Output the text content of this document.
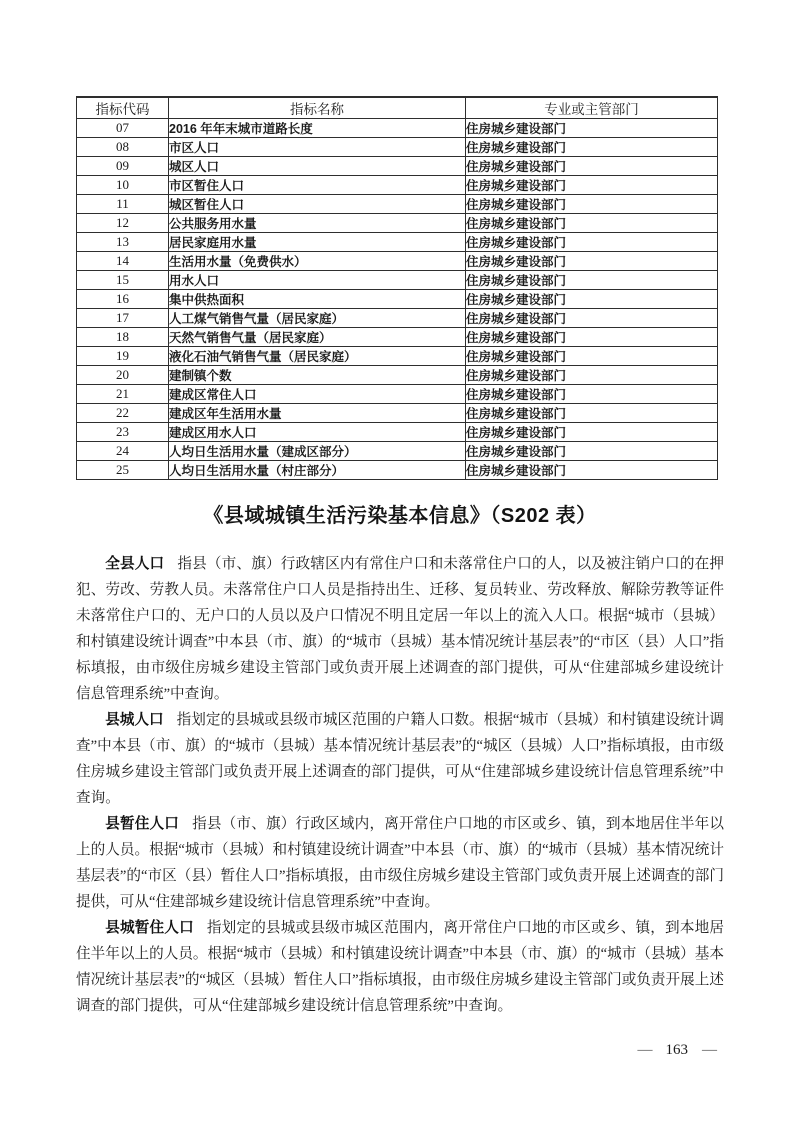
指标代码	指标名称	专业或主管部门
07	2016 年年末城市道路长度	住房城乡建设部门
08	市区人口	住房城乡建设部门
09	城区人口	住房城乡建设部门
10	市区暂住人口	住房城乡建设部门
11	城区暂住人口	住房城乡建设部门
12	公共服务用水量	住房城乡建设部门
13	居民家庭用水量	住房城乡建设部门
14	生活用水量（免费供水）	住房城乡建设部门
15	用水人口	住房城乡建设部门
16	集中供热面积	住房城乡建设部门
17	人工煤气销售气量（居民家庭）	住房城乡建设部门
18	天然气销售气量（居民家庭）	住房城乡建设部门
19	液化石油气销售气量（居民家庭）	住房城乡建设部门
20	建制镇个数	住房城乡建设部门
21	建成区常住人口	住房城乡建设部门
22	建成区年生活用水量	住房城乡建设部门
23	建成区用水人口	住房城乡建设部门
24	人均日生活用水量（建成区部分）	住房城乡建设部门
25	人均日生活用水量（村庄部分）	住房城乡建设部门
《县域城镇生活污染基本信息》（S202 表）

全县人口 指县（市、旗）行政辖区内有常住户口和未落常住户口的人，以及被注销户口的在押犯、劳改、劳教人员。未落常住户口人员是指持出生、迁移、复员转业、劳改释放、解除劳教等证件未落常住户口的、无户口的人员以及户口情况不明且定居一年以上的流入人口。根据“城市（县城）和村镇建设统计调查”中本县（市、旗）的“城市（县城）基本情况统计基层表”的“市区（县）人口”指标填报，由市级住房城乡建设主管部门或负责开展上述调查的部门提供，可从“住建部城乡建设统计信息管理系统”中查询。

县城人口 指划定的县城或县级市城区范围的户籍人口数。根据“城市（县城）和村镇建设统计调查”中本县（市、旗）的“城市（县城）基本情况统计基层表”的“城区（县城）人口”指标填报，由市级住房城乡建设主管部门或负责开展上述调查的部门提供，可从“住建部城乡建设统计信息管理系统”中查询。

县暂住人口 指县（市、旗）行政区域内，离开常住户口地的市区或乡、镇，到本地居住半年以上的人员。根据“城市（县城）和村镇建设统计调查”中本县（市、旗）的“城市（县城）基本情况统计基层表”的“市区（县）暂住人口”指标填报，由市级住房城乡建设主管部门或负责开展上述调查的部门提供，可从“住建部城乡建设统计信息管理系统”中查询。

县城暂住人口 指划定的县城或县级市城区范围内，离开常住户口地的市区或乡、镇，到本地居住半年以上的人员。根据“城市（县城）和村镇建设统计调查”中本县（市、旗）的“城市（县城）基本情况统计基层表”的“城区（县城）暂住人口”指标填报，由市级住房城乡建设主管部门或负责开展上述调查的部门提供，可从“住建部城乡建设统计信息管理系统”中查询。

— 163 —
